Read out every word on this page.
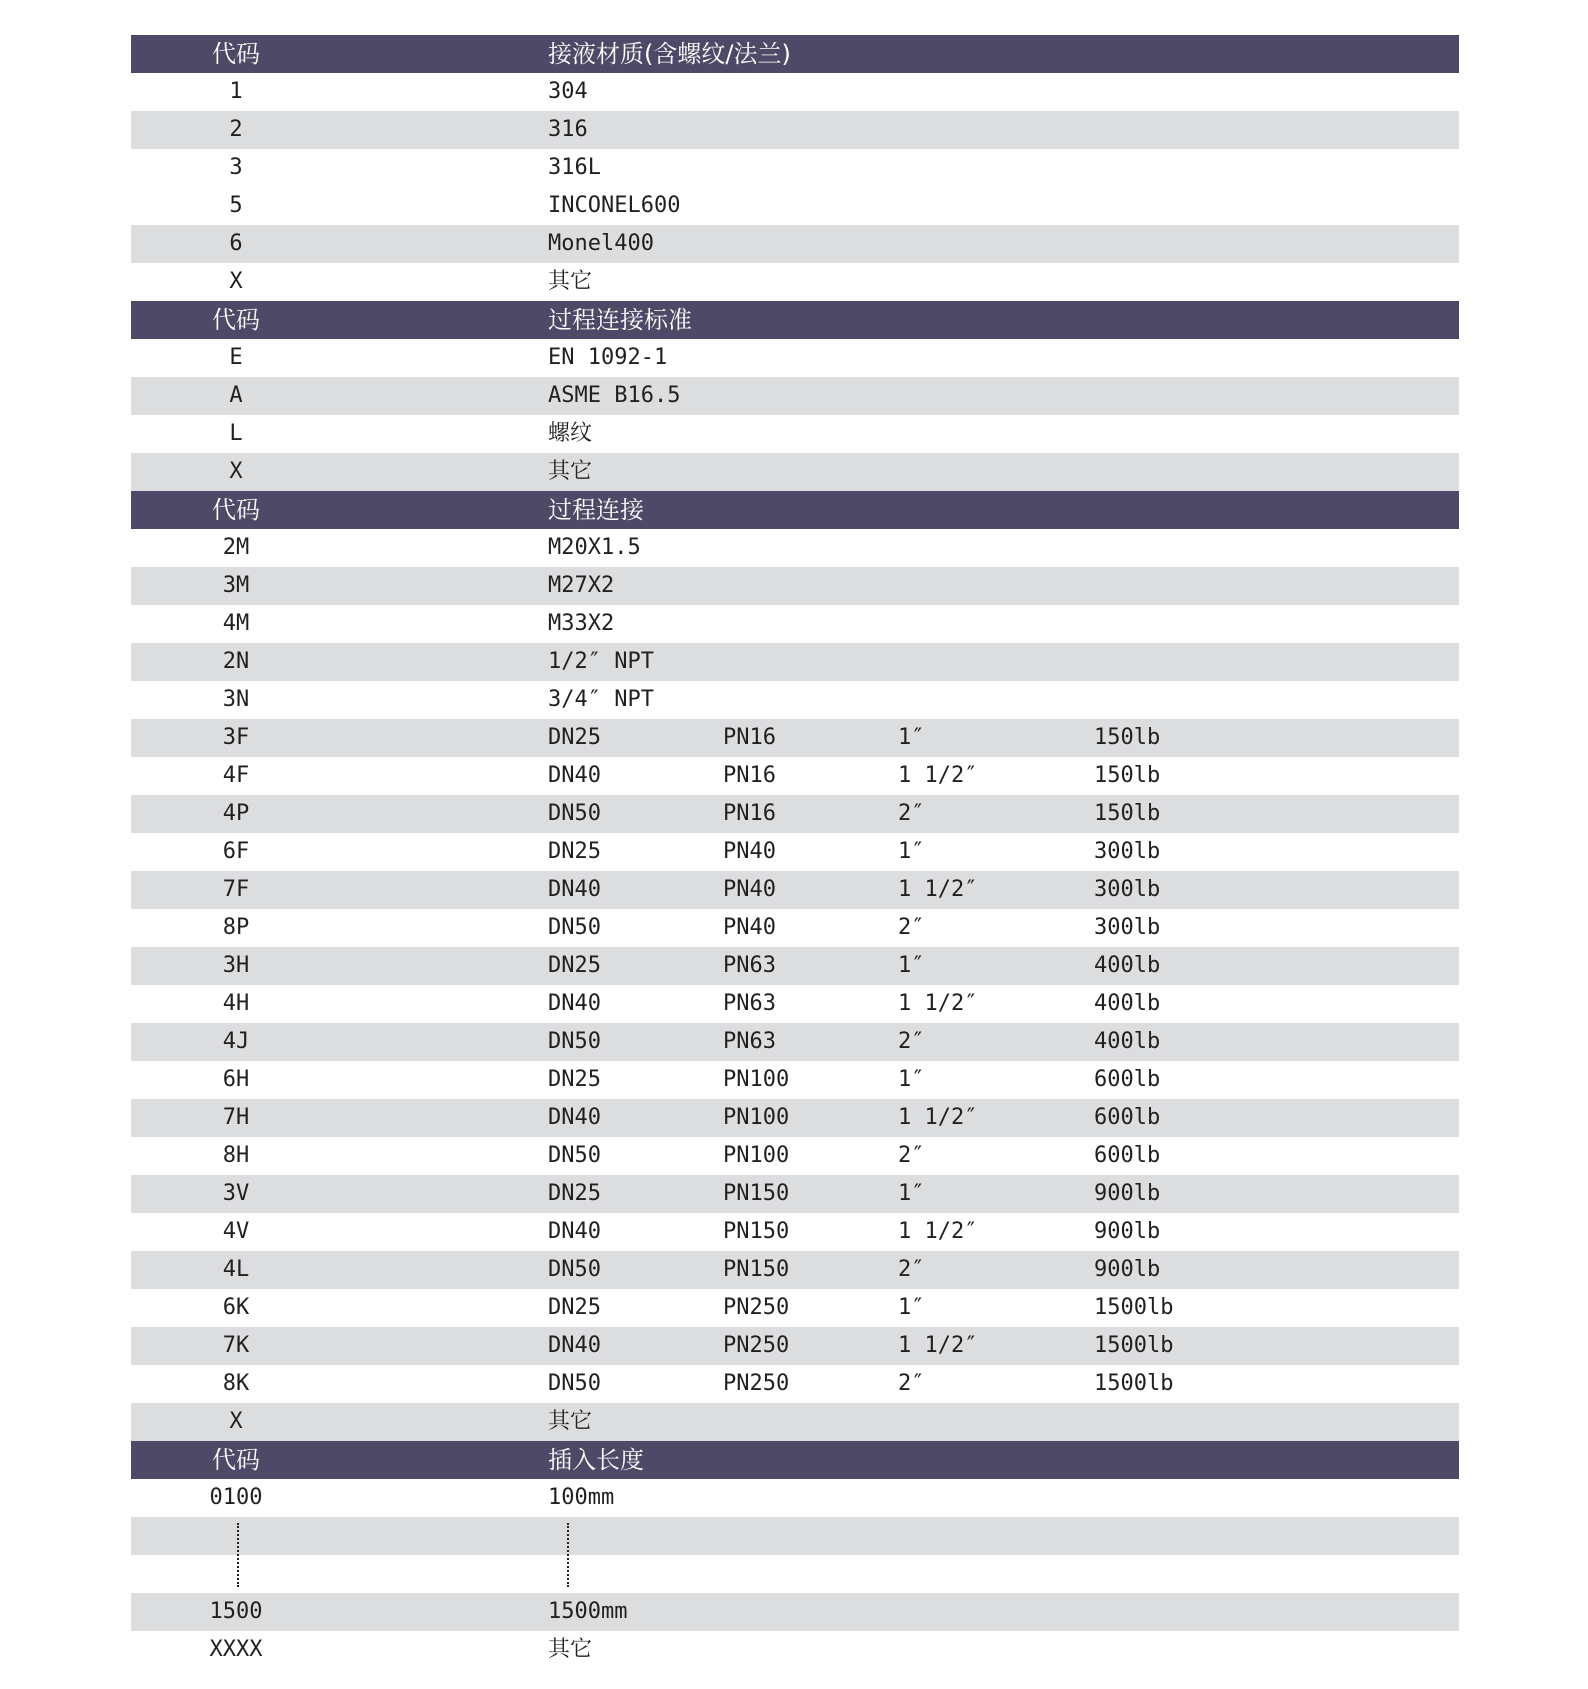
代码	接液材质(含螺纹/法兰)
1	304
2	316
3	316L
5	INCONEL600
6	Monel400
X	其它
代码	过程连接标准
E	EN 1092-1
A	ASME B16.5
L	螺纹
X	其它
代码	过程连接
2M	M20X1.5
3M	M27X2
4M	M33X2
2N	1/2″ NPT
3N	3/4″ NPT
3F	DN25	PN16	1″	150lb
4F	DN40	PN16	1 1/2″	150lb
4P	DN50	PN16	2″	150lb
6F	DN25	PN40	1″	300lb
7F	DN40	PN40	1 1/2″	300lb
8P	DN50	PN40	2″	300lb
3H	DN25	PN63	1″	400lb
4H	DN40	PN63	1 1/2″	400lb
4J	DN50	PN63	2″	400lb
6H	DN25	PN100	1″	600lb
7H	DN40	PN100	1 1/2″	600lb
8H	DN50	PN100	2″	600lb
3V	DN25	PN150	1″	900lb
4V	DN40	PN150	1 1/2″	900lb
4L	DN50	PN150	2″	900lb
6K	DN25	PN250	1″	1500lb
7K	DN40	PN250	1 1/2″	1500lb
8K	DN50	PN250	2″	1500lb
X	其它
代码	插入长度
0100	100mm
1500	1500mm
XXXX	其它
